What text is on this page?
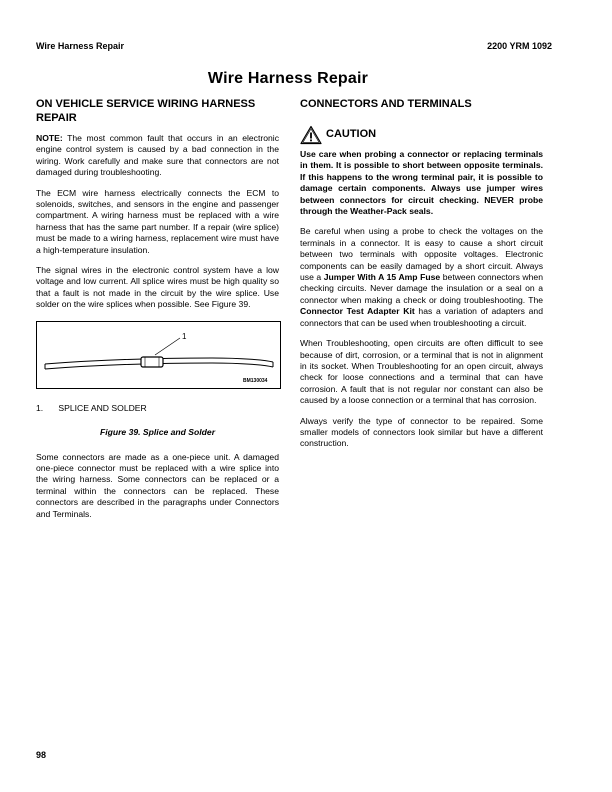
Wire Harness Repair	2200 YRM 1092
Wire Harness Repair
ON VEHICLE SERVICE WIRING HARNESS REPAIR

NOTE: The most common fault that occurs in an electronic engine control system is caused by a bad connection in the wiring. Work carefully and make sure that connectors are not damaged during troubleshooting.

The ECM wire harness electrically connects the ECM to solenoids, switches, and sensors in the engine and passenger compartment. A wiring harness must be replaced with a wire harness that has the same part number. If a repair (wire splice) must be made to a wiring harness, replacement wire must have a high-temperature insulation.

The signal wires in the electronic control system have a low voltage and low current. All splice wires must be high quality so that a fault is not made in the circuit by the wire splice. Use solder on the wire splices when possible. See Figure 39.

1
BM130034
1. SPLICE AND SOLDER
Figure 39. Splice and Solder

Some connectors are made as a one-piece unit. A damaged one-piece connector must be replaced with a wire splice into the wiring harness. Some connectors can be replaced or a terminal within the connectors can be replaced. These connectors are described in the paragraphs under Connectors and Terminals.

CONNECTORS AND TERMINALS
CAUTION

Use care when probing a connector or replacing terminals in them. It is possible to short between opposite terminals. If this happens to the wrong terminal pair, it is possible to damage certain components. Always use jumper wires between connectors for circuit checking. NEVER probe through the Weather-Pack seals.

Be careful when using a probe to check the voltages on the terminals in a connector. It is easy to cause a short circuit between two terminals with opposite voltages. Electronic components can be easily damaged by a short circuit. Always use a Jumper With A 15 Amp Fuse between connectors when checking circuits. Never damage the insulation or a seal on a connector when making a check or doing troubleshooting. The Connector Test Adapter Kit has a variation of adapters and connectors that can be used when troubleshooting a circuit.

When Troubleshooting, open circuits are often difficult to see because of dirt, corrosion, or a terminal that is not in alignment in its socket. When Troubleshooting for an open circuit, always check for loose connections and a terminal that can have corrosion. A fault that is not regular nor constant can also be caused by a loose connection or a terminal that has corrosion.

Always verify the type of connector to be repaired. Some smaller models of connectors look similar but have a different construction.

98
